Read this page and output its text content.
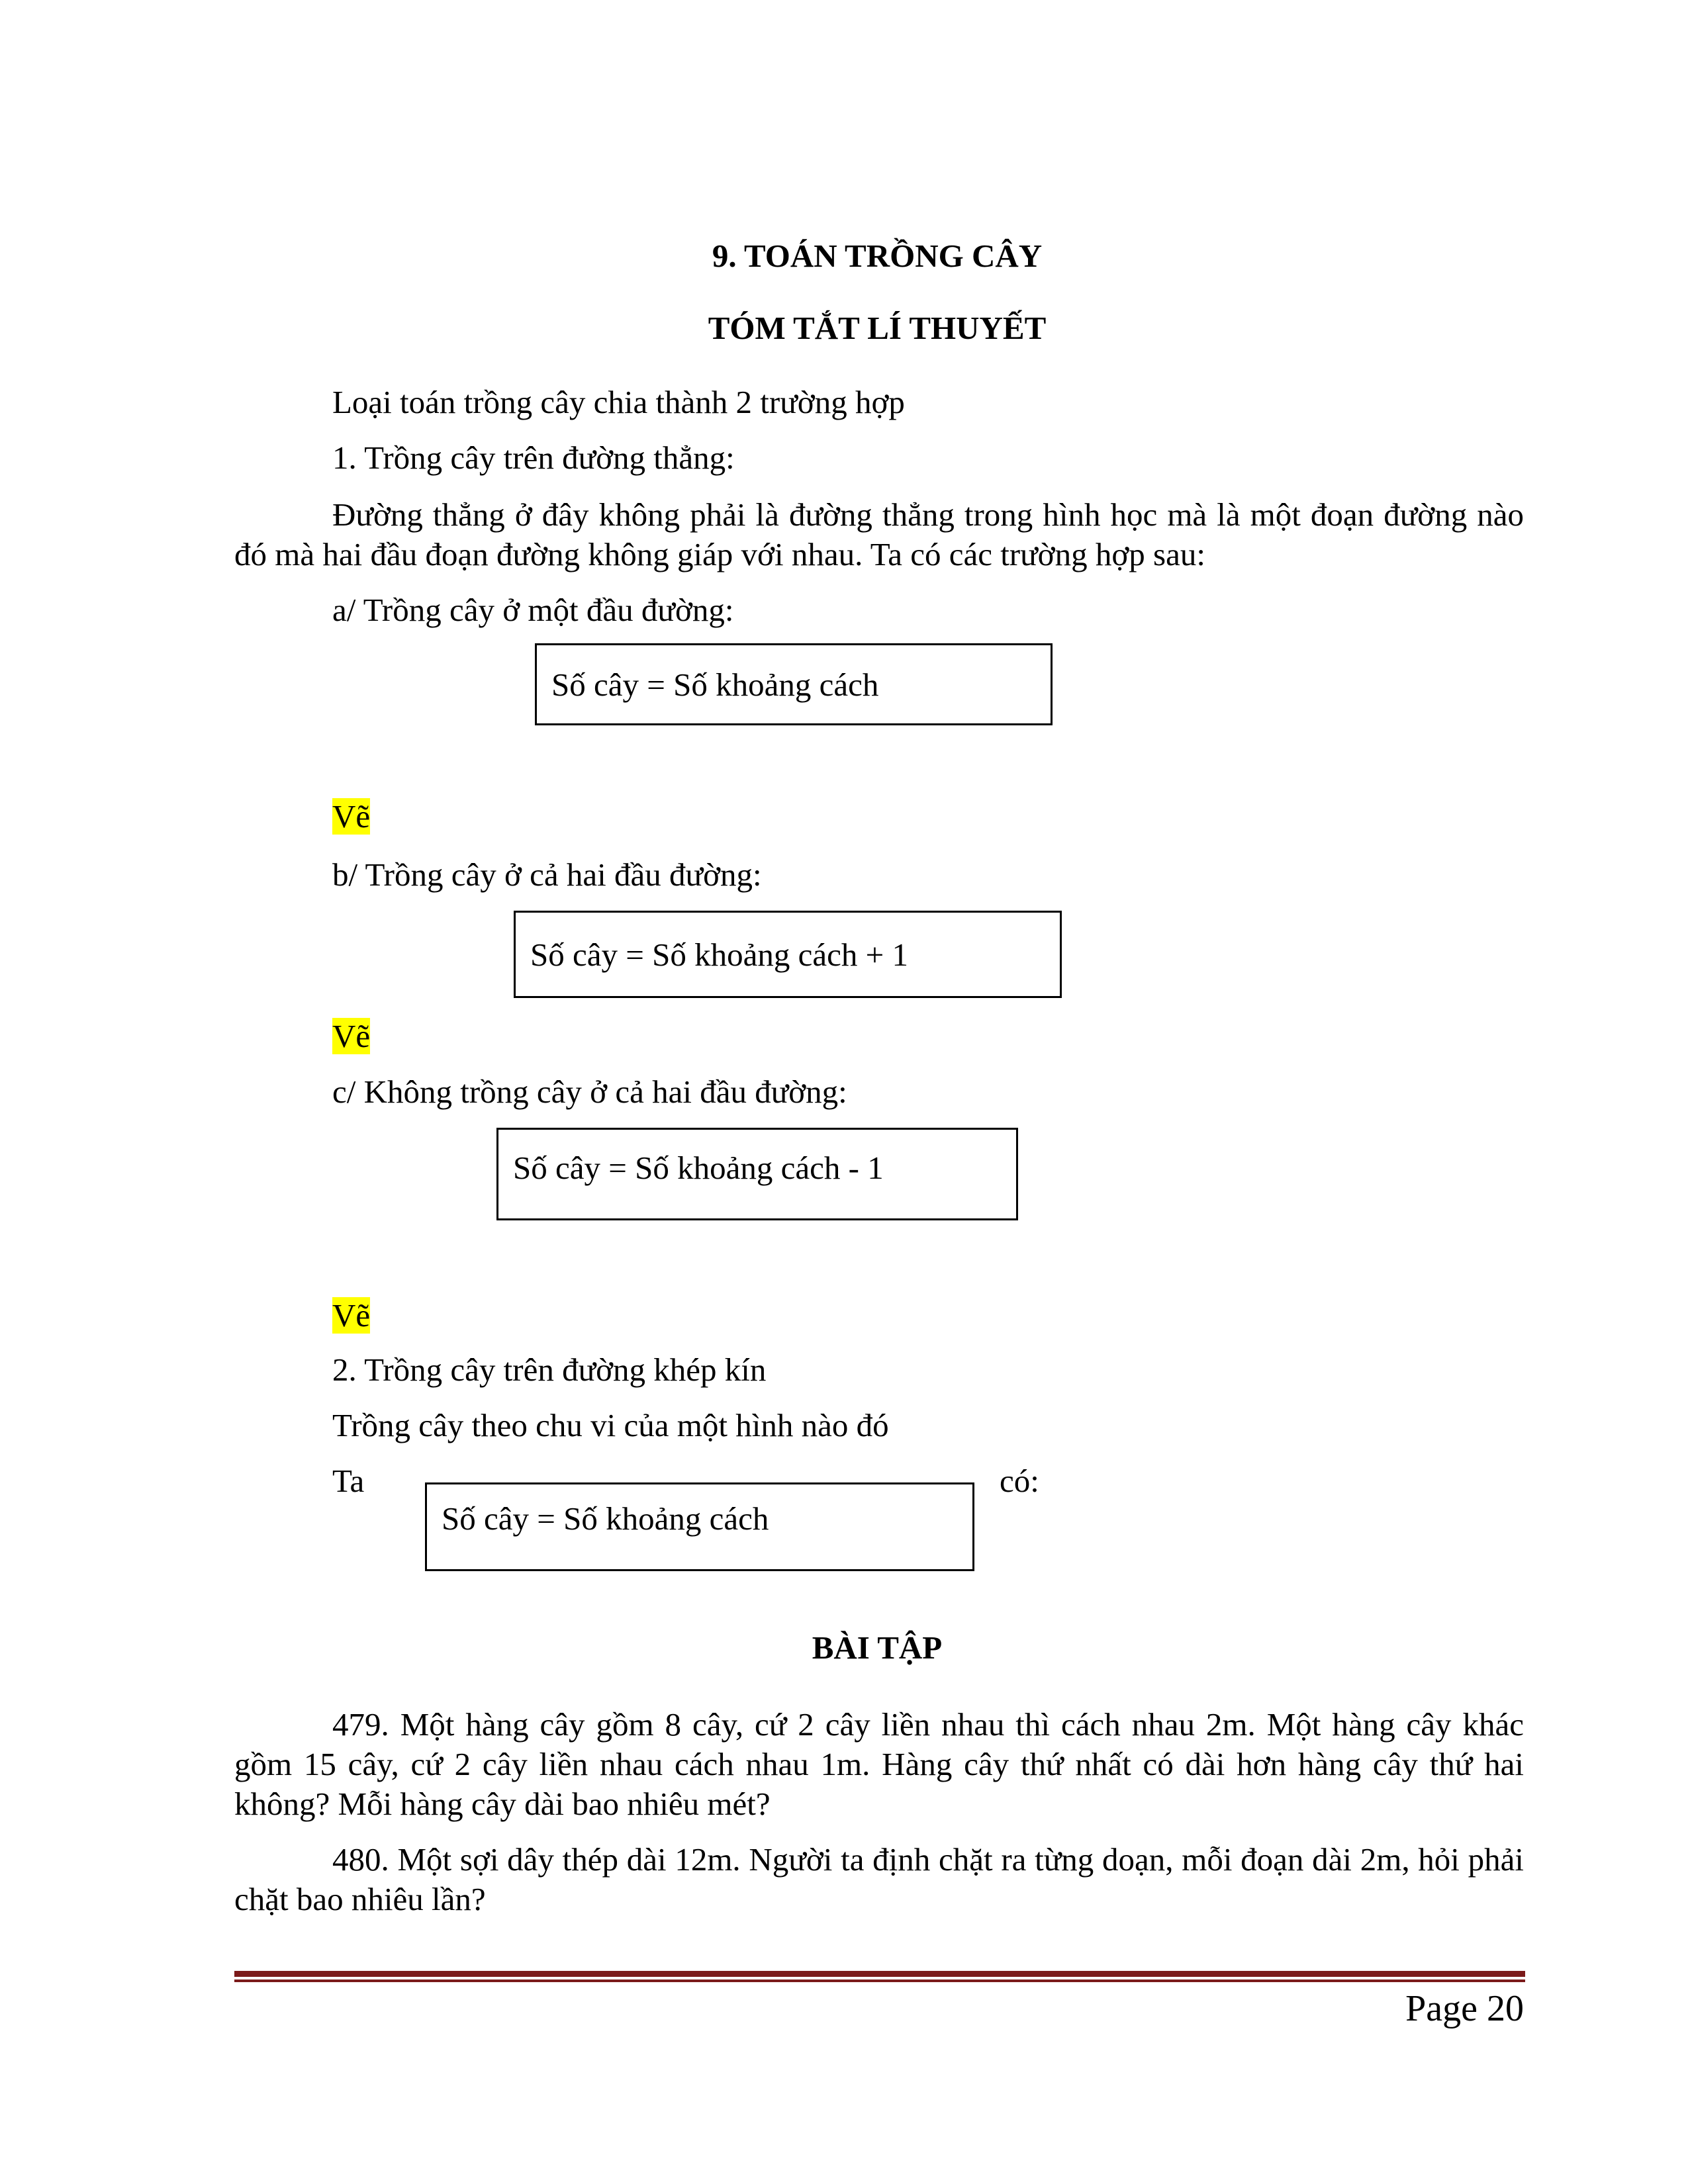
9. TOÁN TRỒNG CÂY
TÓM TẮT LÍ THUYẾT
Loại toán trồng cây chia thành 2 trường hợp
1. Trồng cây trên đường thẳng:
Đường thẳng ở đây không phải là đường thẳng trong hình học mà là một đoạn đường nào đó mà hai đầu đoạn đường không giáp với nhau. Ta có các trường hợp sau:
a/ Trồng cây ở một đầu đường:
Số cây = Số khoảng cách
Vẽ
b/ Trồng cây ở cả hai đầu đường:
Số cây = Số khoảng cách + 1
Vẽ
c/ Không trồng cây ở cả hai đầu đường:
Số cây = Số khoảng cách - 1
Vẽ
2. Trồng cây trên đường khép kín
Trồng cây theo chu vi của một hình nào đó
Ta
Số cây = Số khoảng cách
có:
BÀI TẬP
479. Một hàng cây gồm 8 cây, cứ 2 cây liền nhau thì cách nhau 2m. Một hàng cây khác gồm 15 cây, cứ 2 cây liền nhau cách nhau 1m. Hàng cây thứ nhất có dài hơn hàng cây thứ hai không? Mỗi hàng cây dài bao nhiêu mét?
480. Một sợi dây thép dài 12m. Người ta định chặt ra từng doạn, mỗi đoạn dài 2m, hỏi phải chặt bao nhiêu lần?
Page 20
